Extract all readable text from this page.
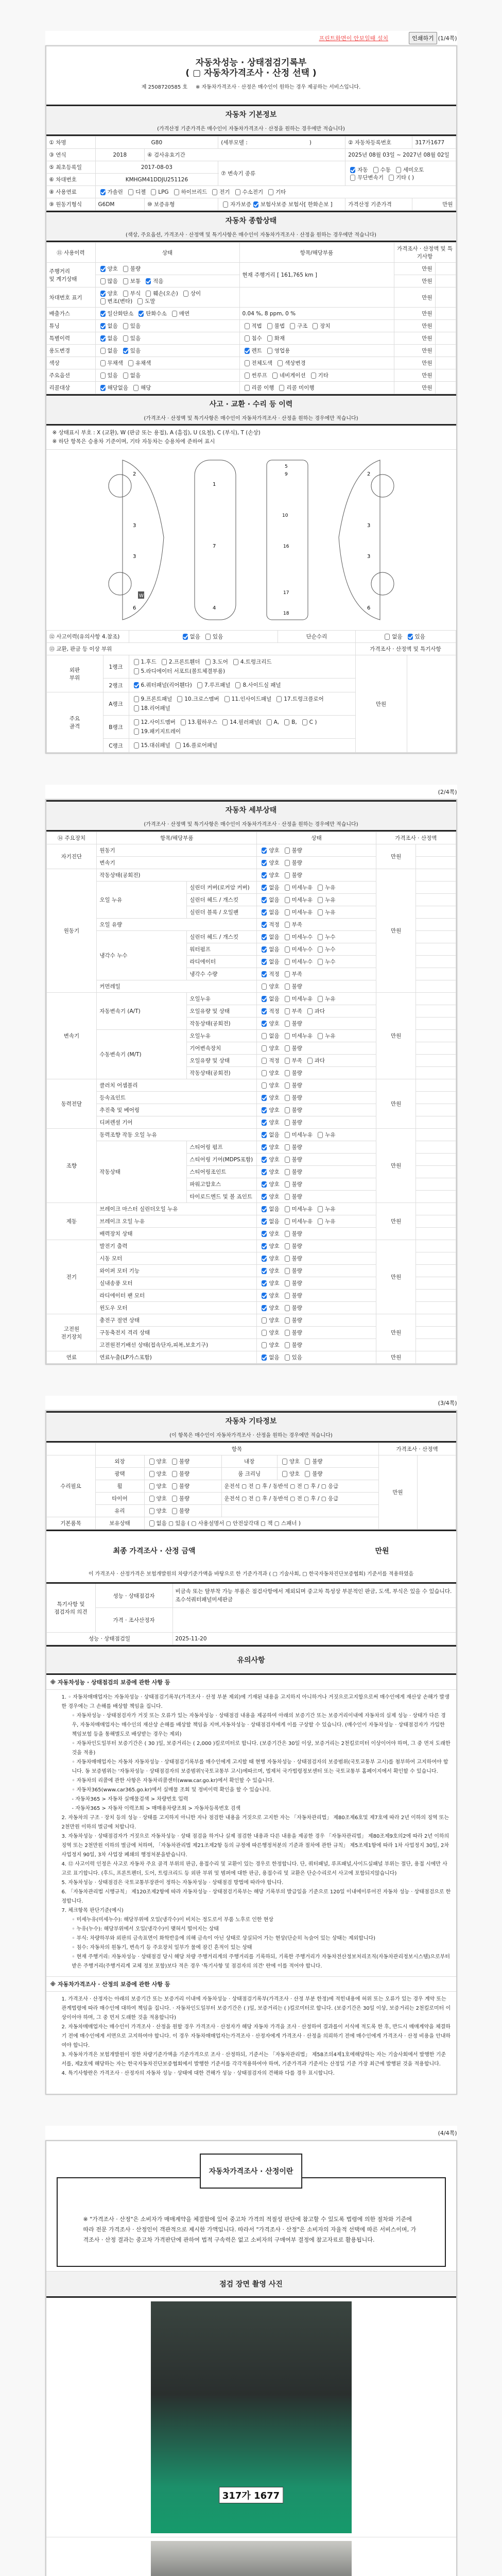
프린트화면이 안보일때 설치	인쇄하기 (1/4쪽)
자동차성능 · 상태점검기록부
( ▢ 자동차가격조사 · 산정 선택 )
제 2508720585 호 ※ 자동차가격조사 · 산정은 매수인이 원하는 경우 제공하는 서비스입니다.
자동차 기본정보
(가격산정 기준가격은 매수인이 자동차가격조사 · 산정을 원하는 경우에만 적습니다)
① 차명	G80		(세부모델 : )	② 자동차등록번호	317가1677
③ 연식	2018	④ 검사유효기간		2025년 08월 03일 ~ 2027년 08월 02일	
⑤ 최초등록일	2017-08-03		⑦ 변속기 종류	자동 수동 세미오토
무단변속기 기타 ( )	
⑥ 차대번호	KMHGM41DDJU251126				
⑧ 사용연료	가솔린 디젤 LPG 하이브리드 전기 수소전기 기타				
⑨ 원동기형식	G6DM	⑩ 보증유형	자가보증 보험사보증 보험사[ 한화손보 ]	가격산정 기준가격	만원
자동차 종합상태
(색상, 주요옵션, 가격조사 · 산정액 및 특기사항은 매수인이 자동차가격조사 · 산정을 원하는 경우에만 적습니다)
⑪ 사용이력	상태	항목/해당부품	가격조사 · 산정액 및 특기사항	
주행거리
및 계기상태	양호 불량	현재 주행거리 [ 161,765 km ]	만원	
	많음 보통 적음		만원	
차대번호 표기	양호 부식 훼손(오손) 상이변조(변타) 도말		만원	
배출가스	일산화탄소 탄화수소 매연	0.04 %, 8 ppm, 0 %	만원	
튜닝	없음 있음	적법 불법 구조 장치	만원	
특별이력	없음 있음	침수 화재	만원	
용도변경	없음 있음	렌트 영업용	만원	
색상	무채색 유채색	전체도색 색상변경	만원	
주요옵션	있음 없음	썬루프 네비게이션 기타	만원	
리콜대상	해당없음 해당	리콜 이행 리콜 미이행	만원	
사고 · 교환 · 수리 등 이력
(가격조사 · 산정액 및 특기사항은 매수인이 자동차가격조사 · 산정을 원하는 경우에만 적습니다)
※ 상태표시 부호 : X (교환), W (판금 또는 용접), A (흠집), U (요철), C (부식), T (손상)
※ 하단 항목은 승용차 기준이며, 기타 자동차는 승용차에 준하여 표시
2
3
3
6
W
1
7
4
5
9
10
16
17
18
2
3
3
6
⑫ 사고이력(유의사항 4.참조)		없음 있음	단순수리	없음 있음	
⑬ 교환, 판금 등 이상 부위				가격조사 · 산정액 및 특기사항	
외판
부위	1랭크	1.후드 2.프론트휀더 3.도어 4.트렁크리드5.라디에이터 서포트(볼트체결부품)		만원	
	2랭크	6.쿼터패널(리어휀다) 7.루프패널 8.사이드실 패널			
주요
골격	A랭크	9.프론트패널 10.크로스멤버 11.인사이드패널 17.트렁크플로어18.리어패널			
	B랭크	12.사이드멤버 13.휠하우스 14.필러패널( A, B, C )19.패키지트레이			
	C랭크	15.대쉬패널 16.플로어패널			
(2/4쪽)
자동차 세부상태
(가격조사 · 산정액 및 특기사항은 매수인이 자동차가격조사 · 산정을 원하는 경우에만 적습니다)
⑭ 주요장치	항목/해당부품		상태	가격조사 · 산정액	
자기진단	원동기		양호 불량	만원	
	변속기		양호 불량		
원동기	작동상태(공회전)		양호 불량	만원	
	오일 누유	실린더 커버(로커암 커버)	없음 미세누유 누유		
		실린더 헤드 / 개스킷	없음 미세누유 누유		
		실린더 블록 / 오일팬	없음 미세누유 누유		
	오일 유량		적정 부족		
	냉각수 누수	실린더 헤드 / 개스킷	없음 미세누수 누수		
		워터펌프	없음 미세누수 누수		
		라디에이터	없음 미세누수 누수		
		냉각수 수량	적정 부족		
	커먼레일		양호 불량		
변속기	자동변속기 (A/T)	오일누유	없음 미세누유 누유	만원	
		오일유량 및 상태	적정 부족 과다		
		작동상태(공회전)	양호 불량		
	수동변속기 (M/T)	오일누유	없음 미세누유 누유		
		기어변속장치	양호 불량		
		오일유량 및 상태	적정 부족 과다		
		작동상태(공회전)	양호 불량		
동력전달	클러치 어셈블리		양호 불량	만원	
	등속죠인트		양호 불량		
	추진축 및 베어링		양호 불량		
	디퍼렌셜 기어		양호 불량		
조향	동력조향 작동 오일 누유		없음 미세누유 누유	만원	
	작동상태	스티어링 펌프	양호 불량		
		스티어링 기어(MDPS포함)	양호 불량		
		스티어링조인트	양호 불량		
		파워고압호스	양호 불량		
		타이로드엔드 및 볼 죠인트	양호 불량		
제동	브레이크 마스터 실린더오일 누유		없음 미세누유 누유	만원	
	브레이크 오일 누유		없음 미세누유 누유		
	배력장치 상태		양호 불량		
전기	발전기 출력		양호 불량	만원	
	시동 모터		양호 불량		
	와이퍼 모터 기능		양호 불량		
	실내송풍 모터		양호 불량		
	라디에이터 팬 모터		양호 불량		
	윈도우 모터		양호 불량		
고전원
전기장치	충전구 절연 상태		양호 불량	만원	
	구동축전지 격리 상태		양호 불량		
	고전원전기배선 상태(접속단자,피복,보호기구)		양호 불량		
연료	연료누출(LP가스포함)		없음 있음	만원	
(3/4쪽)
자동차 기타정보
(이 항목은 매수인이 자동차가격조사 · 산정을 원하는 경우에만 적습니다)
	항목				가격조사 · 산정액	
수리필요	외장	양호 불량	내장	양호 불량	만원	
	광택	양호 불량	룸 크리닝	양호 불량		
	휠	양호 불량	운전석 ▢ 전 ▢ 후 / 동반석 ▢ 전 ▢ 후 / ▢ 응급			
	타이어	양호 불량	운전석 ▢ 전 ▢ 후 / 동반석 ▢ 전 ▢ 후 / ▢ 응급			
	유리	양호 불량				
기본품목	보유상태	없음 ▢ 있음 ( ▢ 사용설명서 ▢ 안전삼각대 ▢ 잭 ▢ 스패너 )				
최종 가격조사 · 산정 금액	만원
이 가격조사 · 산정가격은 보험개발원의 차량기준가액을 바탕으로 한 기준가격과 ( ▢ 기술사회, ▢ 한국자동차진단보증협회) 기준서를 적용하였음
특기사항 및
점검자의 의견	성능 · 상태점검자	비금속 또는 탈부착 가능 부품은 점검사항에서 제외되며 중고차 특성상 부분적인 판금, 도색, 부식은 있을 수 있습니다. 조수석쿼터패널미세판금
	가격 · 조사산정자	
성능 · 상태점검일		2025-11-20
유의사항
※ 자동차성능 · 상태점검의 보증에 관한 사항 등
1. ◦ 자동차매매업자는 자동차성능 · 상태점검기록부(가격조사 · 산정 부분 제외)에 기재된 내용을 고지하지 아니하거나 거짓으로고지함으로써 매수인에게 재산상 손해가 발생한 경우에는 그 손해를 배상할 책임을 집니다.
◦ 자동차성능 · 상태점검자가 거짓 또는 오류가 있는 자동차성능 · 상태점검 내용을 제공하여 아래의 보증기간 또는 보증거리이내에 자동차의 실제 성능 · 상태가 다른 경우, 자동차매매업자는 매수인의 재산상 손해를 배상할 책임을 지며,자동차성능 · 상태점검자에게 이를 구상할 수 있습니다. (매수인이 자동차성능 · 상태점검자가 가입한 책임보험 등을 통해별도로 배상받는 경우는 제외)
◦ 자동차인도일부터 보증기간은 ( 30 )일, 보증거리는 ( 2,000 )킬로미터로 합니다. (보증기간은 30일 이상, 보증거리는 2천킬로미터 이상이어야 하며, 그 중 먼저 도래한 것을 적용)
◦ 자동차매매업자는 자동차 자동차성능 · 상태점검기록부를 매수인에게 고지할 때 현행 자동차성능 · 상태점검자의 보증범위(국토교통부 고시)를 첨부하여 고지하여야 합니다. 동 보증범위는 '자동차성능 · 상태점검자의 보증범위'(국토교통부 고시)에따르며, 법제처 국가법령정보센터 또는 국토교통부 홈페이지에서 확인할 수 있습니다.
◦ 자동차의 리콜에 관한 사항은 자동차리콜센터(www.car.go.kr)에서 확인할 수 있습니다.
◦ 자동차365(www.car365.go.kr)에서 실매물 조회 및 정비이력 확인을 할 수 있습니다.
- 자동차365 > 자동차 실매물검색 > 차량번호 입력
- 자동차365 > 자동차 이력조회 > 매매용차량조회 > 자동차등록번호 검색
2. 자동차의 구조 · 장치 등의 성능 · 상태를 고지하지 아니한 자나 점검한 내용을 거짓으로 고지한 자는 「자동차관리법」 제80조제6호및 제7호에 따라 2년 이하의 징역 또는 2천만원 이하의 벌금에 처합니다.
3. 자동차성능 · 상태점검자가 거짓으로 자동차성능 · 상태 점검을 하거나 실제 점검한 내용과 다른 내용을 제공한 경우 「자동차관리법」 제80조제9호의2에 따라 2년 이하의 징역 또는 2천만원 이하의 벌금에 처하며, 「자동차관리법 제21조제2항 등의 규정에 따른행정처분의 기준과 절차에 관한 규칙」 제5조제1항에 따라 1차 사업정지 30일, 2차 사업정지 90일, 3차 사업장 폐쇄의 행정처분을받습니다.
4. ⑫ 사고이력 인정은 사고로 자동차 주요 골격 부위의 판금, 용접수리 및 교환이 있는 경우로 한정합니다. 단, 쿼터패널, 루프패널,사이드실패널 부위는 절단, 용접 시에만 사고로 표기합니다. (후드, 프론트펜더, 도어, 트렁크리드 등 외판 부위 및 범퍼에 대한 판금, 용접수리 및 교환은 단순수리로서 사고에 포함되지않습니다)
5. 자동차성능 · 상태점검은 국토교통부장관이 정하는 자동차성능 · 상태점검 방법에 따라야 합니다.
6. 「자동차관리법 시행규칙」 제120조제2항에 따라 자동차성능 · 상태점검기록부는 해당 기록부의 발급일을 기준으로 120일 이내에이루어진 자동차 성능 · 상태점검으로 한정합니다.
7. 체크항목 판단기준(예시)
◦ 미세누유(미세누수): 해당부위에 오일(냉각수)이 비치는 정도로서 부품 노후로 인한 현상
◦ 누유(누수): 해당부위에서 오일(냉각수)이 맺혀서 떨어지는 상태
◦ 부식: 차량하부와 외판의 금속표면이 화학반응에 의해 금속이 아닌 상태로 상실되어 가는 현상(단순히 녹슬어 있는 상태는 제외합니다)
◦ 침수: 자동차의 원동기, 변속기 등 주요장치 일부가 물에 잠긴 흔적이 있는 상태
◦ 현재 주행거리: 자동차성능 · 상태점검 당시 해당 차량 주행거리계의 주행거리를 기록하되, 기록한 주행거리가 자동차전산정보처리조직(자동차관리정보시스템)으로부터 받은 주행거리(주행거리계 교체 정보 포함)보다 적은 경우 '특기사항 및 점검자의 의견' 란에 이를 적어야 합니다.
※ 자동차가격조사 · 산정의 보증에 관한 사항 등
1. 가격조사 · 산정자는 아래의 보증기간 또는 보증거리 이내에 자동차성능 · 상태점검기록부(가격조사 · 산정 부분 한정)에 적힌내용에 허위 또는 오류가 있는 경우 계약 또는 관계법령에 따라 매수인에 대하여 책임을 집니다. · 자동차인도일부터 보증기간은 ( )일, 보증거리는 ( )킬로미터로 합니다. (보증기간은 30일 이상, 보증거리는 2천킬로미터 이상이어야 하며, 그 중 먼저 도래한 것을 적용합니다)
2. 자동차매매업자는 매수인이 가격조사 · 산정을 원할 경우 가격조사 · 산정자가 해당 자동차 가격을 조사 · 산정하여 결과를이 서식에 적도록 한 후, 반드시 매매계약을 체결하기 전에 매수인에게 서면으로 고지하여야 합니다. 이 경우 자동차매매업자는가격조사 · 산정자에게 가격조사 · 산정을 의뢰하기 전에 매수인에게 가격조사 · 산정 비용을 안내하여야 합니다.
3. 자동차가격은 보험개발원이 정한 차량기준가액을 기준가격으로 조사 · 산정하되, 기준서는 「자동차관리법」 제58조의4제1호에해당하는 자는 기술사회에서 발행한 기준서를, 제2호에 해당하는 자는 한국자동차진단보증협회에서 발행한 기준서를 각각적용하여야 하며, 기준가격과 기준서는 산정일 기준 가장 최근에 발행된 것을 적용합니다.
4. 특기사항란은 가격조사 · 산정자의 자동차 성능 · 상태에 대한 견해가 성능 · 상태점검자의 견해와 다를 경우 표시합니다.
(4/4쪽)
자동차가격조사 · 산정이란
※ "가격조사 · 산정"은 소비자가 매매계약을 체결함에 있어 중고차 가격의 적절성 판단에 참고할 수 있도록 법령에 의한 절차와 기준에 따라 전문 가격조사 · 산정인이 객관적으로 제시한 가액입니다. 따라서 "가격조사 · 산정"은 소비자의 자율적 선택에 따른 서비스이며, 가격조사 · 산정 결과는 중고차 가격판단에 관하여 법적 구속력은 없고 소비자의 구매여부 결정에 참고자료로 활용됩니다.
점검 장면 촬영 사진
317가 1677
